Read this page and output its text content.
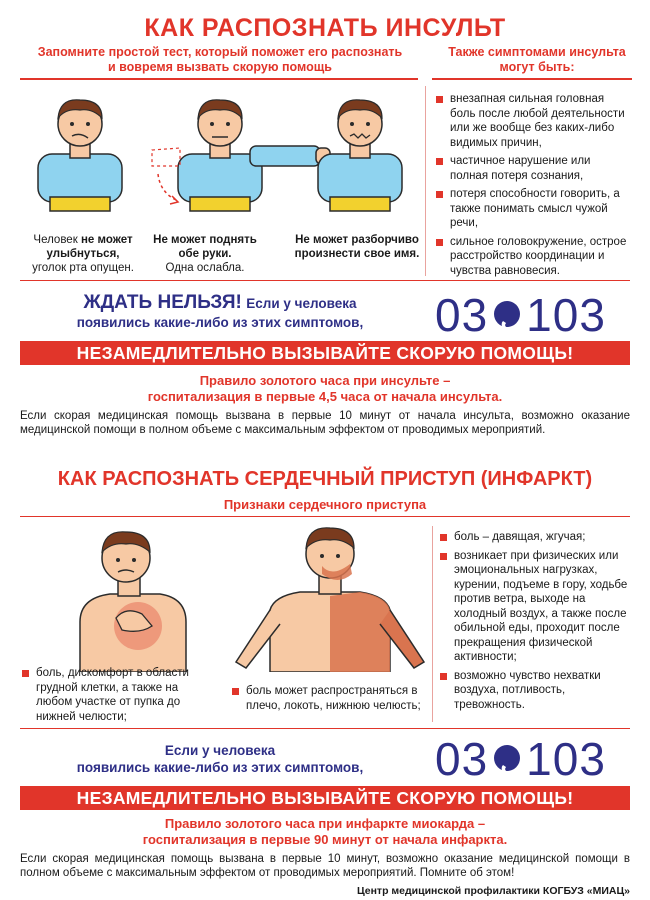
КАК РАСПОЗНАТЬ ИНСУЛЬТ
Запомните простой тест, который поможет его распознать
и вовремя вызвать скорую помощь
Также симптомами инсульта
могут быть:
Человек не может улыбнуться,
уголок рта опущен.
Не может поднять обе руки.
Одна ослабла.
Не может разборчиво произнести свое имя.
внезапная сильная головная боль после любой деятельности или же вообще без каких-либо видимых причин,
частичное нарушение или полная потеря сознания,
потеря способности говорить, а также понимать смысл чужой речи,
сильное головокружение, острое расстройство координации и чувства равновесия.
ЖДАТЬ НЕЛЬЗЯ! Если у человека
появились какие-либо из этих симптомов,	03 103
НЕЗАМЕДЛИТЕЛЬНО ВЫЗЫВАЙТЕ СКОРУЮ ПОМОЩЬ!
Правило золотого часа при инсульте –
госпитализация в первые 4,5 часа от начала инсульта.
Если скорая медицинская помощь вызвана в первые 10 минут от начала инсульта, возможно оказание медицинской помощи в полном объеме с максимальным эффектом от проводимых мероприятий.
КАК РАСПОЗНАТЬ СЕРДЕЧНЫЙ ПРИСТУП (ИНФАРКТ)
Признаки сердечного приступа
боль, дискомфорт в области грудной клетки, а также на любом участке от пупка до нижней челюсти;
боль может распространяться в плечо, локоть, нижнюю челюсть;
боль – давящая, жгучая;
возникает при физических или эмоциональных нагрузках, курении, подъеме в гору, ходьбе против ветра, выходе на холодный воздух, а также после обильной еды, проходит после прекращения физической активности;
возможно чувство нехватки воздуха, потливость, тревожность.
Если у человека
появились какие-либо из этих симптомов,	03 103
НЕЗАМЕДЛИТЕЛЬНО ВЫЗЫВАЙТЕ СКОРУЮ ПОМОЩЬ!
Правило золотого часа при инфаркте миокарда –
госпитализация в первые 90 минут от начала инфаркта.
Если скорая медицинская помощь вызвана в первые 10 минут, возможно оказание медицинской помощи в полном объеме с максимальным эффектом от проводимых мероприятий. Помните об этом!
Центр медицинской профилактики КОГБУЗ «МИАЦ»
